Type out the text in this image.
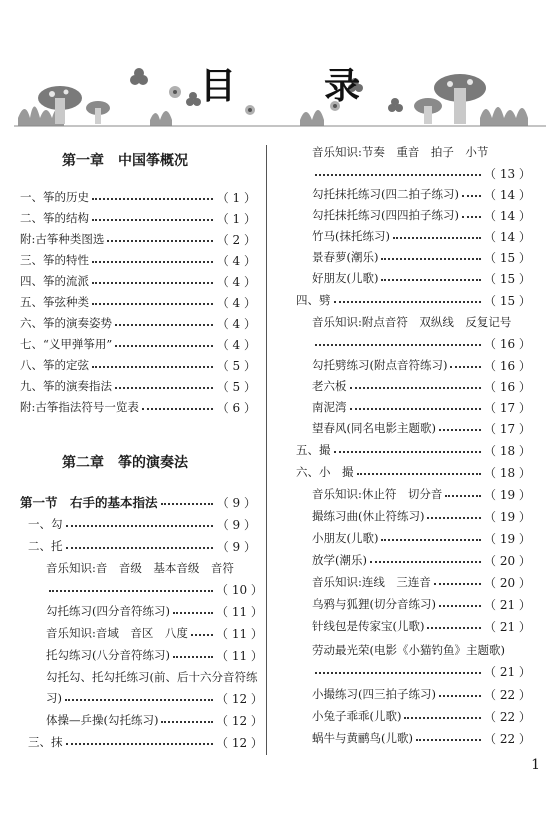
目　录
第一章　中国筝概况
一、筝的历史	（ 1 ）
二、筝的结构	（ 1 ）
附:古筝种类图选	（ 2 ）
三、筝的特性	（ 4 ）
四、筝的流派	（ 4 ）
五、筝弦种类	（ 4 ）
六、筝的演奏姿势	（ 4 ）
七、“义甲弹筝用”	（ 4 ）
八、筝的定弦	（ 5 ）
九、筝的演奏指法	（ 5 ）
附:古筝指法符号一览表	（ 6 ）
第二章　筝的演奏法
第一节　右手的基本指法	（ 9 ）
一、勾	（ 9 ）
二、托	（ 9 ）
音乐知识:音　音级　基本音级　音符
（ 10 ）
勾托练习(四分音符练习)	（ 11 ）
音乐知识:音域　音区　八度 （ 11 ）
托勾练习(八分音符练习)	（ 11 ）
勾托勾、托勾托练习(前、后十六分音符练
习)	（ 12 ）
体操—乒操(勾托练习)	（ 12 ）
三、抹	（ 12 ）
音乐知识:节奏　重音　拍子　小节
（ 13 ）
勾托抹托练习(四二拍子练习) （ 14 ）
勾托抹托练习(四四拍子练习) （ 14 ）
竹马(抹托练习)	（ 14 ）
景春萝(潮乐)	（ 15 ）
好朋友(儿歌)	（ 15 ）
四、劈	（ 15 ）
音乐知识:附点音符　双纵线　反复记号
（ 16 ）
勾托劈练习(附点音符练习)	（ 16 ）
老六板	（ 16 ）
南泥湾	（ 17 ）
望春风(同名电影主题歌)	（ 17 ）
五、撮	（ 18 ）
六、小　撮	（ 18 ）
音乐知识:休止符　切分音	（ 19 ）
撮练习曲(休止符练习)	（ 19 ）
小朋友(儿歌)	（ 19 ）
放学(潮乐)	（ 20 ）
音乐知识:连线　三连音	（ 20 ）
乌鸦与狐狸(切分音练习)	（ 21 ）
针线包是传家宝(儿歌)	（ 21 ）
劳动最光荣(电影《小猫钓鱼》主题歌)
（ 21 ）
小撮练习(四三拍子练习)	（ 22 ）
小兔子乖乖(儿歌)	（ 22 ）
蜗牛与黄鹂鸟(儿歌)	（ 22 ）
1
